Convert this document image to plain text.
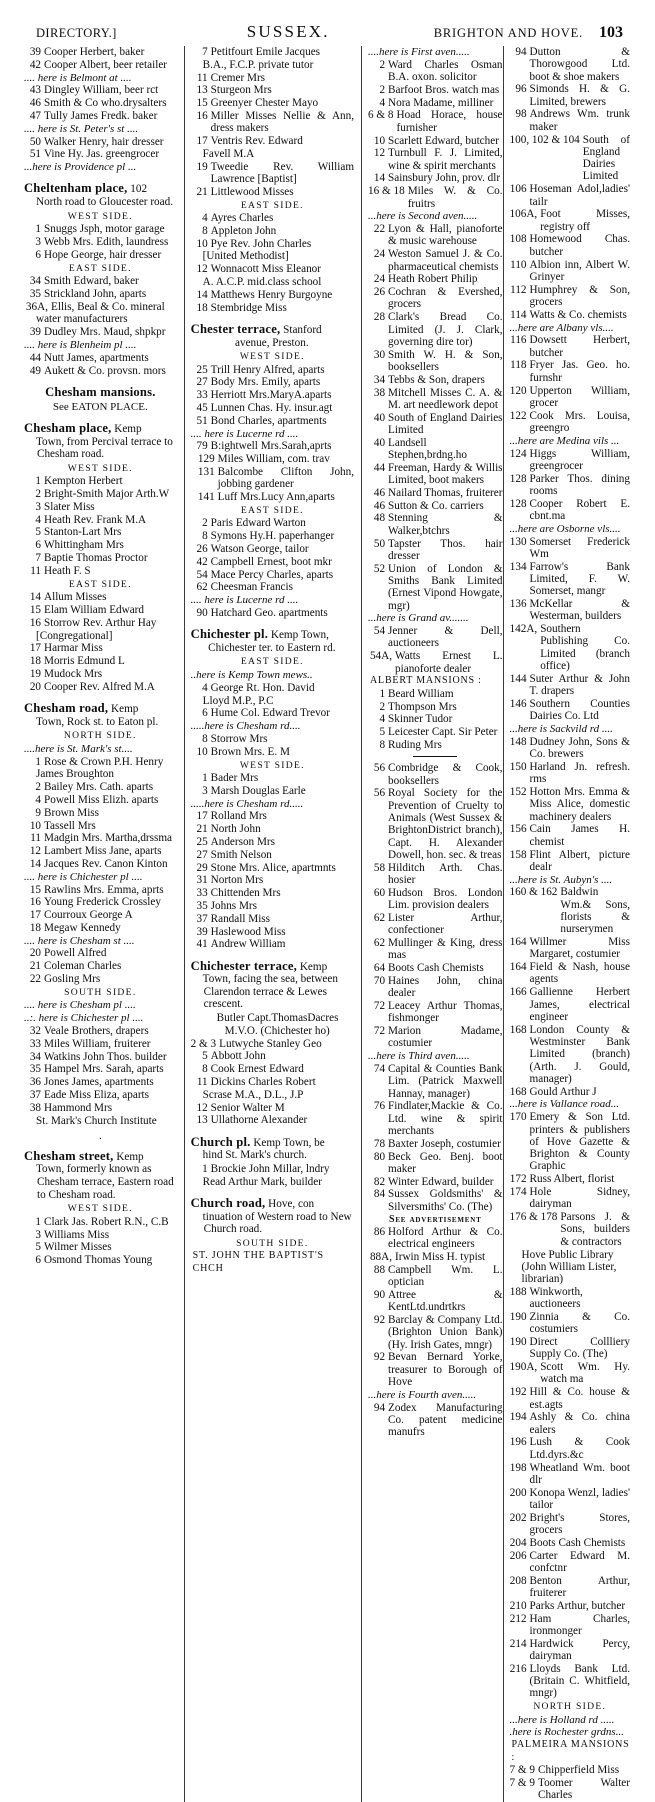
DIRECTORY.]	SUSSEX.	BRIGHTON AND HOVE. 103
39 Cooper Herbert, baker
42 Cooper Albert, beer retailer
.... here is Belmont at ....
43 Dingley William, beer rct
46 Smith & Co who.drysalters
47 Tully James Fredk. baker
.... here is St. Peter's st ....
50 Walker Henry, hair dresser
51 Vine Hy. Jas. greengrocer
...here is Providence pl ...
Cheltenham place, 102
North road to Gloucester road.
WEST SIDE.
1 Snuggs Jsph, motor garage
3 Webb Mrs. Edith, laundress
6 Hope George, hair dresser
EAST SIDE.
34 Smith Edward, baker
35 Strickland John, aparts
36A, Ellis, Beal & Co. mineral
water manufacturers
39 Dudley Mrs. Maud, shpkpr
.... here is Blenheim pl ....
44 Nutt James, apartments
49 Aukett & Co. provsn. mors
Chesham mansions.
See EATON PLACE.
Chesham place, Kemp
Town, from Percival terrace to Chesham road.
WEST SIDE.
1 Kempton Herbert
2 Bright-Smith Major Arth.W
3 Slater Miss
4 Heath Rev. Frank M.A
5 Stanton-Lart Mrs
6 Whittingham Mrs
7 Baptie Thomas Proctor
11 Heath F. S
EAST SIDE.
14 Allum Misses
15 Elam William Edward
16 Storrow Rev. Arthur Hay
[Congregational]
17 Harmar Miss
18 Morris Edmund L
19 Mudock Mrs
20 Cooper Rev. Alfred M.A
Chesham road, Kemp
Town, Rock st. to Eaton pl.
NORTH SIDE.
....here is St. Mark's st....
1 Rose & Crown P.H. Henry
James Broughton
2 Bailey Mrs. Cath. aparts
4 Powell Miss Elizh. aparts
9 Brown Miss
10 Tassell Mrs
11 Madgin Mrs. Martha,drssma
12 Lambert Miss Jane, aparts
14 Jacques Rev. Canon Kinton
.... here is Chichester pl ....
15 Rawlins Mrs. Emma, aprts
16 Young Frederick Crossley
17 Courroux George A
18 Megaw Kennedy
.... here is Chesham st ....
20 Powell Alfred
21 Coleman Charles
22 Gosling Mrs
SOUTH SIDE.
.... here is Chesham pl ....
..:. here is Chichester pl ....
32 Veale Brothers, drapers
33 Miles William, fruiterer
34 Watkins John Thos. builder
35 Hampel Mrs. Sarah, aparts
36 Jones James, apartments
37 Eade Miss Eliza, aparts
38 Hammond Mrs
St. Mark's Church Institute
.
Chesham street, Kemp
Town, formerly known as Chesham terrace, Eastern road to Chesham road.
WEST SIDE.
1 Clark Jas. Robert R.N., C.B
3 Williams Miss
5 Wilmer Misses
6 Osmond Thomas Young
7 Petitfourt Emile Jacques
B.A., F.C.P. private tutor
11 Cremer Mrs
13 Sturgeon Mrs
15 Greenyer Chester Mayo
16 Miller Misses Nellie & Ann, dress makers
17 Ventris Rev. Edward
Favell M.A
19 Tweedie Rev. William Lawrence [Baptist]
21 Littlewood Misses
EAST SIDE.
4 Ayres Charles
8 Appleton John
10 Pye Rev. John Charles
[United Methodist]
12 Wonnacott Miss Eleanor
A. A.C.P. mid.class school
14 Matthews Henry Burgoyne
18 Stembridge Miss
Chester terrace, Stanford
avenue, Preston.
WEST SIDE.
25 Trill Henry Alfred, aparts
27 Body Mrs. Emily, aparts
33 Herriott Mrs.MaryA.aparts
45 Lunnen Chas. Hy. insur.agt
51 Bond Charles, apartments
.... here is Lucerne rd ....
79 B:ightwell Mrs.Sarah,aprts
129 Miles William, com. trav
131 Balcombe Clifton John, jobbing gardener
141 Luff Mrs.Lucy Ann,aparts
EAST SIDE.
2 Paris Edward Warton
8 Symons Hy.H. paperhanger
26 Watson George, tailor
42 Campbell Ernest, boot mkr
54 Mace Percy Charles, aparts
62 Cheesman Francis
.... here is Lucerne rd ....
90 Hatchard Geo. apartments
Chichester pl. Kemp Town,
Chichester ter. to Eastern rd.
EAST SIDE.
..here is Kemp Town mews..
4 George Rt. Hon. David
Lloyd M.P., P.C
6 Hume Col. Edward Trevor
.....here is Chesham rd....
8 Storrow Mrs
10 Brown Mrs. E. M
WEST SIDE.
1 Bader Mrs
3 Marsh Douglas Earle
.....here is Chesham rd.....
17 Rolland Mrs
21 North John
25 Anderson Mrs
27 Smith Nelson
29 Stone Mrs. Alice, apartmnts
31 Norton Mrs
33 Chittenden Mrs
35 Johns Mrs
37 Randall Miss
39 Haslewood Miss
41 Andrew William
Chichester terrace, Kemp
Town, facing the sea, between Clarendon terrace & Lewes crescent.
Butler Capt.ThomasDacres
M.V.O. (Chichester ho)
2 & 3 Lutwyche Stanley Geo
5 Abbott John
8 Cook Ernest Edward
11 Dickins Charles Robert
Scrase M.A., D.L., J.P
12 Senior Walter M
13 Ullathorne Alexander
Church pl. Kemp Town, be
hind St. Mark's church.
1 Brockie John Millar, lndry
Read Arthur Mark, builder
Church road, Hove, con
tinuation of Western road to New Church road.
SOUTH SIDE.
ST. JOHN THE BAPTIST'S CHCH
....here is First aven.....
2 Ward Charles Osman B.A. oxon. solicitor
2 Barfoot Bros. watch mas
4 Nora Madame, milliner
6 & 8 Hoad Horace, house furnisher
10 Scarlett Edward, butcher
12 Turnbull F. J. Limited, wine & spirit merchants
14 Sainsbury John, prov. dlr
16 & 18 Miles W. & Co. fruitrs
...here is Second aven.....
22 Lyon & Hall, pianoforte & music warehouse
24 Weston Samuel J. & Co. pharmaceutical chemists
24 Heath Robert Philip
26 Cochran & Evershed, grocers
28 Clark's Bread Co. Limited (J. J. Clark, governing dire tor)
30 Smith W. H. & Son, booksellers
34 Tebbs & Son, drapers
38 Mitchell Misses C. A. & M. art needlework depot
40 South of England Dairies Limited
40 Landsell Stephen,brdng.ho
44 Freeman, Hardy & Willis Limited, boot makers
46 Nailard Thomas, fruiterer
46 Sutton & Co. carriers
48 Stenning & Walker,btchrs
50 Tapster Thos. hair dresser
52 Union of London & Smiths Bank Limited (Ernest Vipond Howgate, mgr)
...here is Grand av.......
54 Jenner & Dell, auctioneers
54A, Watts Ernest L. pianoforte dealer
ALBERT MANSIONS :
1 Beard William
2 Thompson Mrs
4 Skinner Tudor
5 Leicester Capt. Sir Peter
8 Ruding Mrs
56 Combridge & Cook, booksellers
56 Royal Society for the Prevention of Cruelty to Animals (West Sussex & BrightonDistrict branch), Capt. H. Alexander Dowell, hon. sec. & treas
58 Hilditch Arth. Chas. hosier
60 Hudson Bros. London Lim. provision dealers
62 Lister Arthur, confectioner
62 Mullinger & King, dress mas
64 Boots Cash Chemists
70 Haines John, china dealer
72 Leacey Arthur Thomas, fishmonger
72 Marion Madame, costumier
...here is Third aven.....
74 Capital & Counties Bank Lim. (Patrick Maxwell Hannay, manager)
76 Findlater,Mackie & Co. Ltd. wine & spirit merchants
78 Baxter Joseph, costumier
80 Beck Geo. Benj. boot maker
82 Winter Edward, builder
84 Sussex Goldsmiths' & Silversmiths' Co. (The)
See advertisement
86 Holford Arthur & Co. electrical engineers
88A, Irwin Miss H. typist
88 Campbell Wm. L. optician
90 Attree & KentLtd.undrtkrs
92 Barclay & Company Ltd. (Brighton Union Bank) (Hy. Irish Gates, mngr)
92 Bevan Bernard Yorke, treasurer to Borough of Hove
...here is Fourth aven.....
94 Zodex Manufacturing Co. patent medicine manufrs
94 Dutton & Thorowgood Ltd. boot & shoe makers
96 Simonds H. & G. Limited, brewers
98 Andrews Wm. trunk maker
100, 102 & 104 South of England Dairies Limited
106 Hoseman Adol,ladies' tailr
106A, Foot Misses, registry off
108 Homewood Chas. butcher
110 Albion inn, Albert W. Grinyer
112 Humphrey & Son, grocers
114 Watts & Co. chemists
...here are Albany vls....
116 Dowsett Herbert, butcher
118 Fryer Jas. Geo. ho. furnshr
120 Upperton William, grocer
122 Cook Mrs. Louisa, greengro
...here are Medina vils ...
124 Higgs William, greengrocer
128 Parker Thos. dining rooms
128 Cooper Robert E. cbnt.ma
...here are Osborne vls....
130 Somerset Frederick Wm
134 Farrow's Bank Limited, F. W. Somerset, mangr
136 McKellar & Westerman, builders
142A, Southern Publishing Co. Limited (branch office)
144 Suter Arthur & John T. drapers
146 Southern Counties Dairies Co. Ltd
...here is Sackvild rd ....
148 Dudney John, Sons & Co. brewers
150 Harland Jn. refresh. rms
152 Hotton Mrs. Emma & Miss Alice, domestic machinery dealers
156 Cain James H. chemist
158 Flint Albert, picture dealr
...here is St. Aubyn's ....
160 & 162 Baldwin Wm.& Sons, florists & nurserymen
164 Willmer Miss Margaret, costumier
164 Field & Nash, house agents
166 Gallienne Herbert James, electrical engineer
168 London County & Westminster Bank Limited (branch) (Arth. J. Gould, manager)
168 Gould Arthur J
...here is Vallance road...
170 Emery & Son Ltd. printers & publishers of Hove Gazette & Brighton & County Graphic
172 Russ Albert, florist
174 Hole Sidney, dairyman
176 & 178 Parsons J. & Sons, builders & contractors
Hove Public Library (John William Lister, librarian)
188 Winkworth, auctioneers
190 Zinnia & Co. costumiers
190 Direct Collliery Supply Co. (The)
190A, Scott Wm. Hy. watch ma
192 Hill & Co. house & est.agts
194 Ashly & Co. china ealers
196 Lush & Cook Ltd.dyrs.&c
198 Wheatland Wm. boot dlr
200 Konopa Wenzl, ladies' tailor
202 Bright's Stores, grocers
204 Boots Cash Chemists
206 Carter Edward M. confctnr
208 Benton Arthur, fruiterer
210 Parks Arthur, butcher
212 Ham Charles, ironmonger
214 Hardwick Percy, dairyman
216 Lloyds Bank Ltd. (Britain C. Whitfield, mngr)
NORTH SIDE.
...here is Holland rd .....
.here is Rochester grdns...
PALMEIRA MANSIONS :
7 & 9 Chipperfield Miss
7 & 9 Toomer Walter Charles
